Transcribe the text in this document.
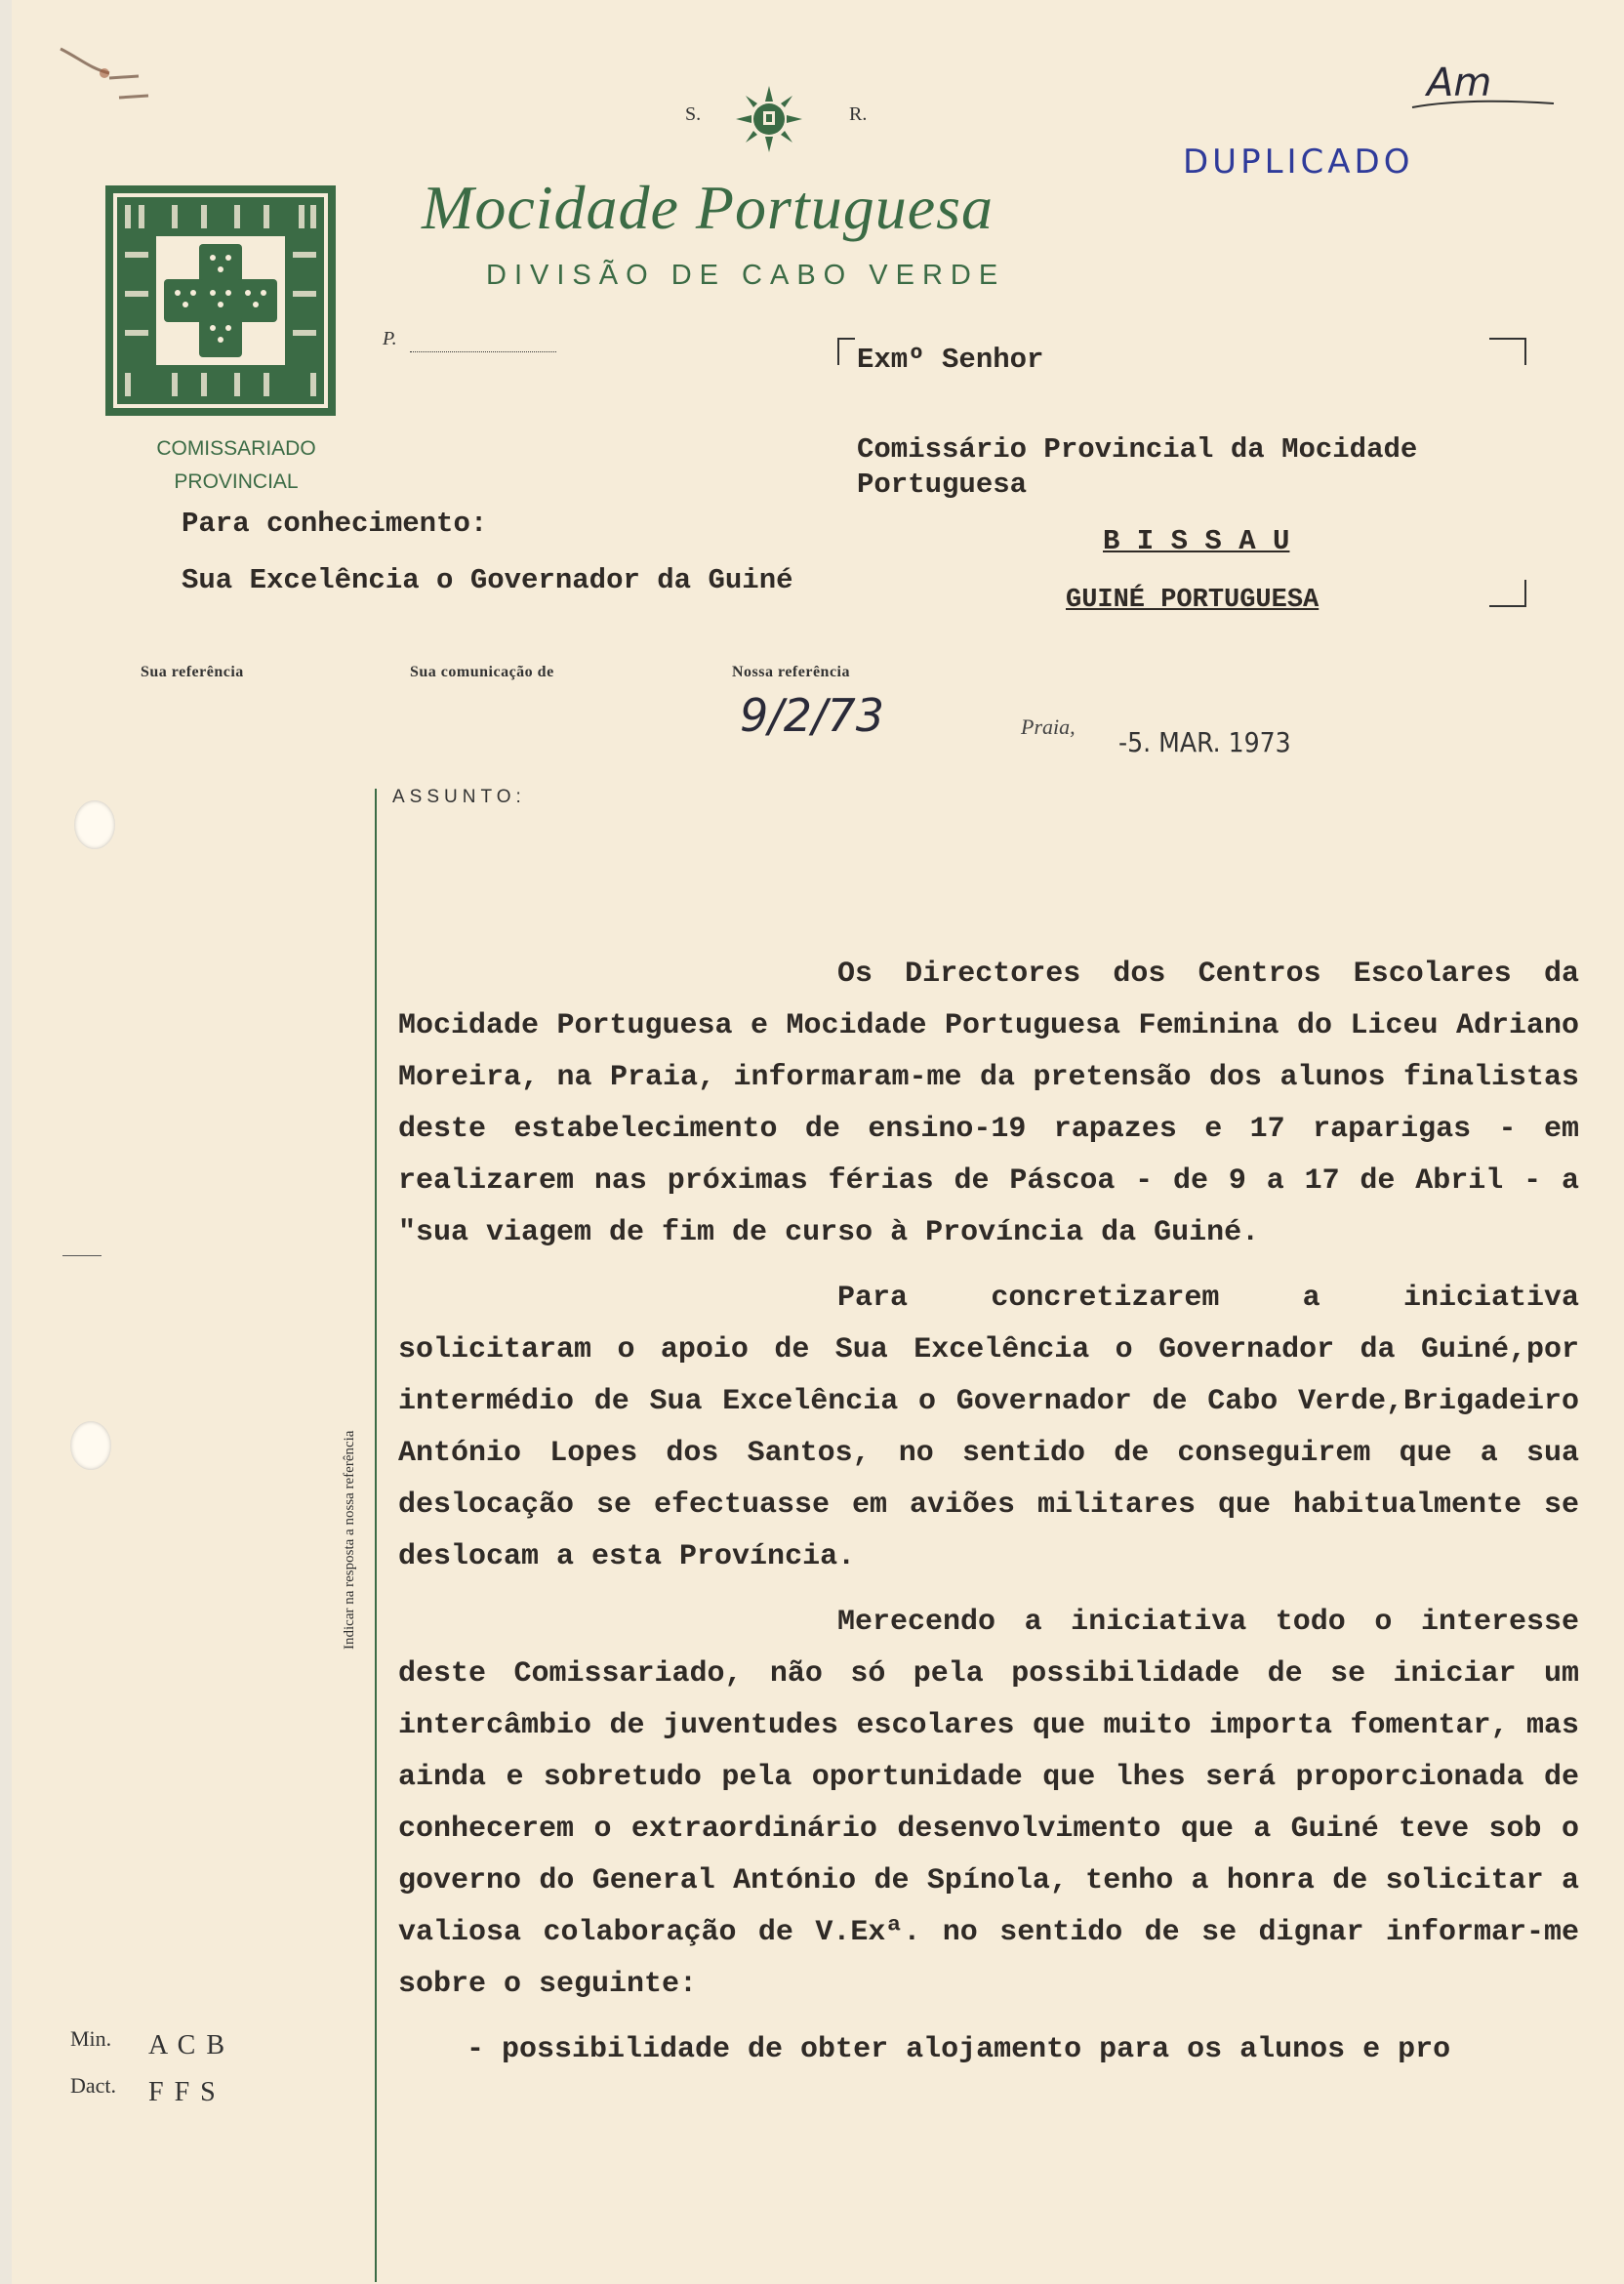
S.	R.
Am
DUPLICADO
Mocidade Portuguesa
DIVISÃO DE CABO VERDE
COMISSARIADO
PROVINCIAL
P.
Exmº Senhor
Comissário Provincial da Mocidade
Portuguesa
B I S S A U
GUINÉ PORTUGUESA
Para conhecimento:
Sua Excelência o Governador da Guiné
Sua referência	Sua comunicação de	Nossa referência
9/2/73	Praia, -5. MAR. 1973
ASSUNTO:
Indicar na resposta a nossa referência

Os Directores dos Centros Escolares da Mocidade Portuguesa e Mocidade Portuguesa Feminina do Liceu Adriano Moreira, na Praia, informaram-me da pretensão dos alunos finalistas deste estabelecimento de ensino-19 rapazes e 17 raparigas - em realizarem nas próximas férias de Páscoa - de 9 a 17 de Abril - a "sua viagem de fim de curso à Província da Guiné.

Para concretizarem a iniciativa solicitaram o apoio de Sua Excelência o Governador da Guiné,por intermédio de Sua Excelência o Governador de Cabo Verde,Brigadeiro António Lopes dos Santos, no sentido de conseguirem que a sua deslocação se efectuasse em aviões militares que habitualmente se deslocam a esta Província.

Merecendo a iniciativa todo o interesse deste Comissariado, não só pela possibilidade de se iniciar um intercâmbio de juventudes escolares que muito importa fomentar, mas ainda e sobretudo pela oportunidade que lhes será proporcionada de conhecerem o extraordinário desenvolvimento que a Guiné teve sob o governo do General António de Spínola, tenho a honra de solicitar a valiosa colaboração de V.Exª. no sentido de se dignar informar-me sobre o seguinte:

- possibilidade de obter alojamento para os alunos e pro

Min. A C B
Dact. F F S
